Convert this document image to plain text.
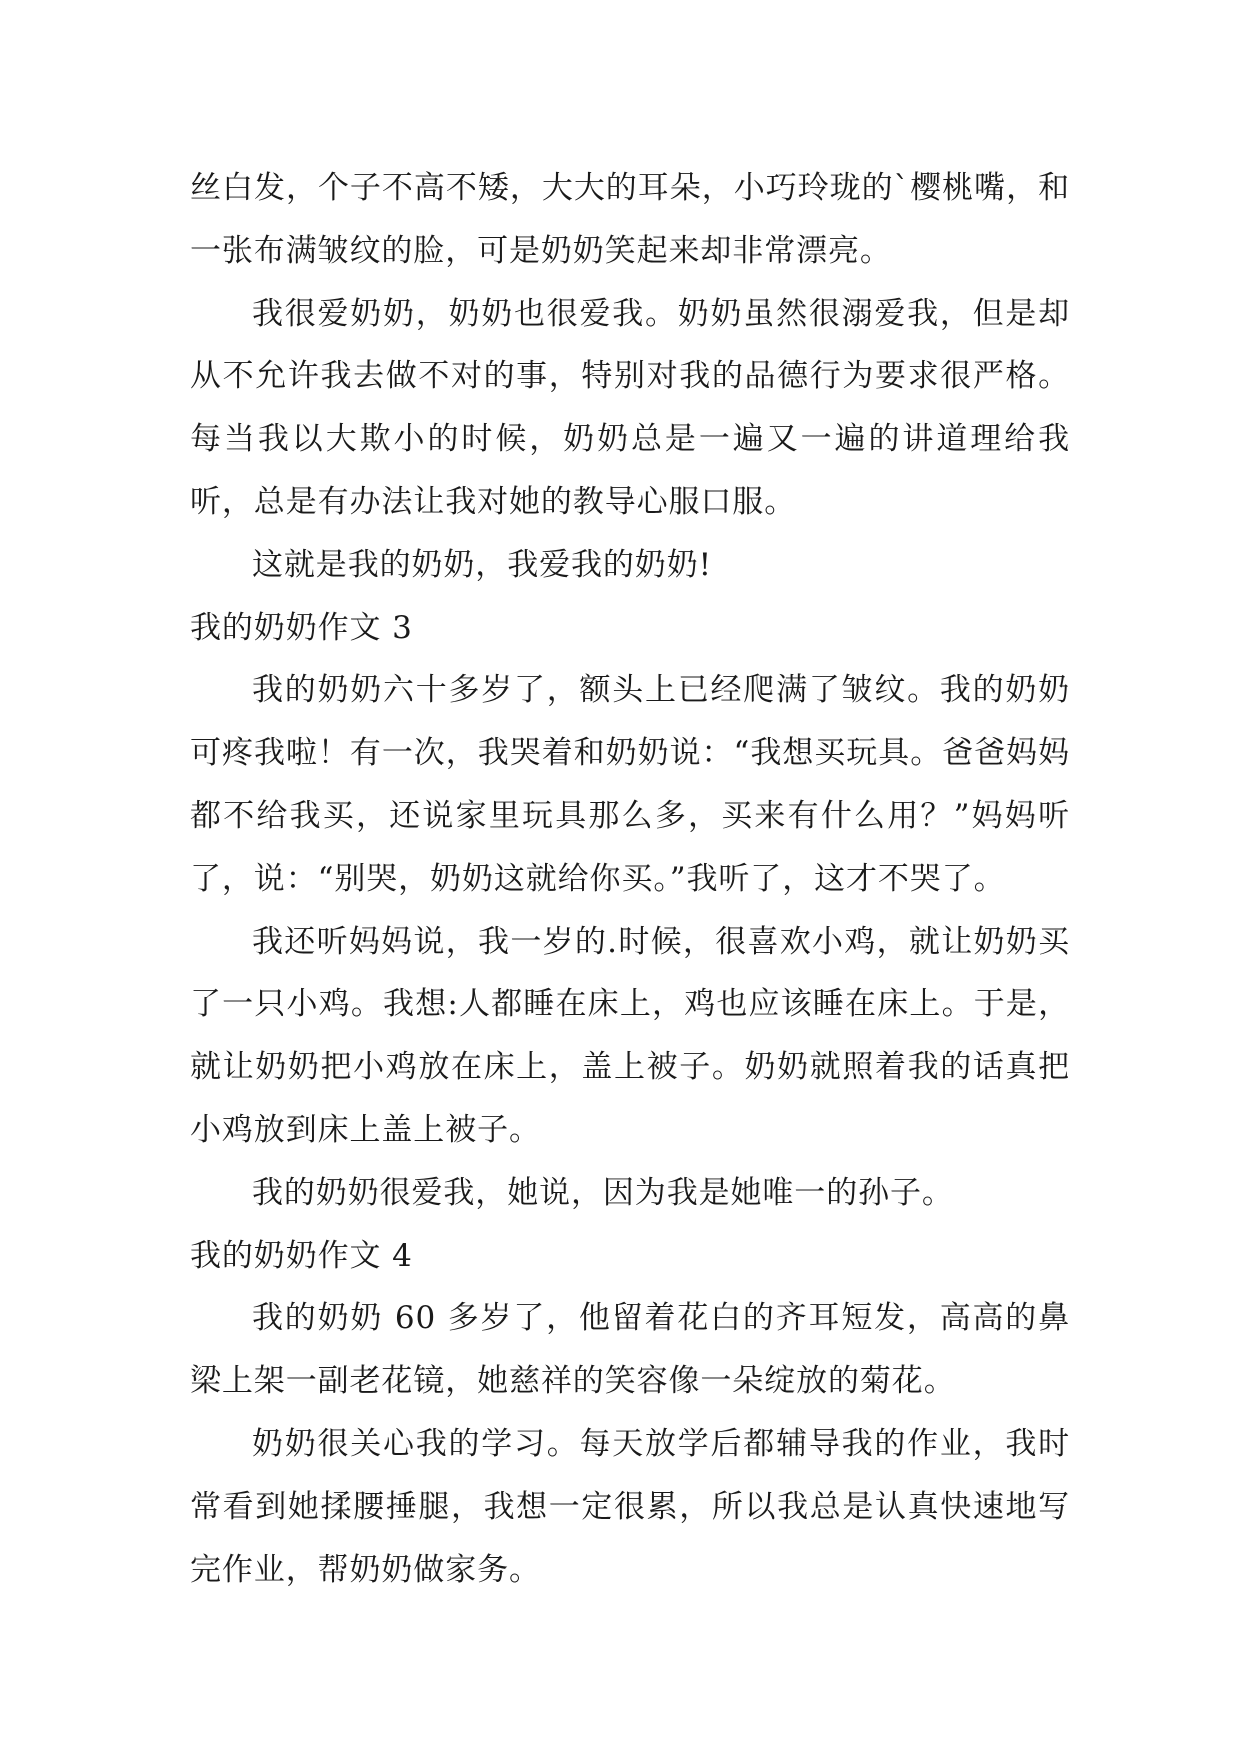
丝白发，个子不高不矮，大大的耳朵，小巧玲珑的`樱桃嘴，和一张布满皱纹的脸，可是奶奶笑起来却非常漂亮。

我很爱奶奶，奶奶也很爱我。奶奶虽然很溺爱我，但是却从不允许我去做不对的事，特别对我的品德行为要求很严格。每当我以大欺小的时候，奶奶总是一遍又一遍的讲道理给我听，总是有办法让我对她的教导心服口服。

这就是我的奶奶，我爱我的奶奶!

我的奶奶作文 3

我的奶奶六十多岁了，额头上已经爬满了皱纹。我的奶奶可疼我啦！有一次，我哭着和奶奶说：“我想买玩具。爸爸妈妈都不给我买，还说家里玩具那么多，买来有什么用？”妈妈听了，说：“别哭，奶奶这就给你买。”我听了，这才不哭了。

我还听妈妈说，我一岁的.时候，很喜欢小鸡，就让奶奶买了一只小鸡。我想:人都睡在床上，鸡也应该睡在床上。于是，就让奶奶把小鸡放在床上，盖上被子。奶奶就照着我的话真把小鸡放到床上盖上被子。

我的奶奶很爱我，她说，因为我是她唯一的孙子。

我的奶奶作文 4

我的奶奶 60 多岁了，他留着花白的齐耳短发，高高的鼻梁上架一副老花镜，她慈祥的笑容像一朵绽放的菊花。

奶奶很关心我的学习。每天放学后都辅导我的作业，我时常看到她揉腰捶腿，我想一定很累，所以我总是认真快速地写完作业，帮奶奶做家务。
